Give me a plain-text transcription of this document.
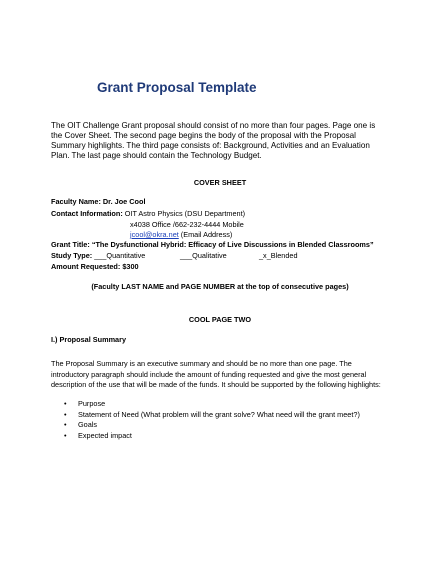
Grant Proposal Template
The OIT Challenge Grant proposal should consist of no more than four pages. Page one is the Cover Sheet. The second page begins the body of the proposal with the Proposal Summary highlights. The third page consists of: Background, Activities and an Evaluation Plan. The last page should contain the Technology Budget.
COVER SHEET
Faculty Name: Dr. Joe Cool
Contact Information: OIT Astro Physics (DSU Department)
x4038 Office /662-232-4444 Mobile
jcool@okra.net (Email Address)
Grant Title: “The Dysfunctional Hybrid: Efficacy of Live Discussions in Blended Classrooms”
Study Type: ___Quantitative	___Qualitative	_x_Blended
Amount Requested: $300
(Faculty LAST NAME and PAGE NUMBER at the top of consecutive pages)
COOL PAGE TWO
I.) Proposal Summary
The Proposal Summary is an executive summary and should be no more than one page. The introductory paragraph should include the amount of funding requested and give the most general description of the use that will be made of the funds. It should be supported by the following highlights:
• Purpose
• Statement of Need (What problem will the grant solve? What need will the grant meet?)
• Goals
• Expected impact
